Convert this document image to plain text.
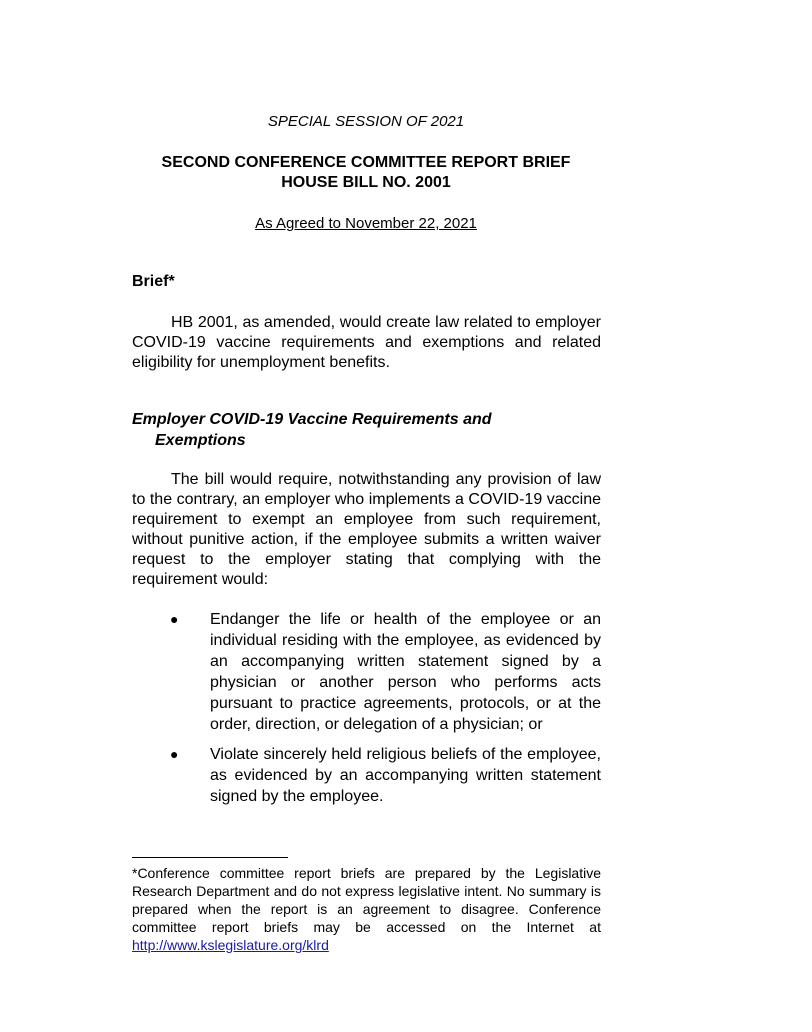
SPECIAL SESSION OF 2021
SECOND CONFERENCE COMMITTEE REPORT BRIEF
HOUSE BILL NO. 2001
As Agreed to November 22, 2021
Brief*
HB 2001, as amended, would create law related to employer COVID-19 vaccine requirements and exemptions and related eligibility for unemployment benefits.
Employer COVID-19 Vaccine Requirements and Exemptions
The bill would require, notwithstanding any provision of law to the contrary, an employer who implements a COVID-19 vaccine requirement to exempt an employee from such requirement, without punitive action, if the employee submits a written waiver request to the employer stating that complying with the requirement would:
● Endanger the life or health of the employee or an individual residing with the employee, as evidenced by an accompanying written statement signed by a physician or another person who performs acts pursuant to practice agreements, protocols, or at the order, direction, or delegation of a physician; or
● Violate sincerely held religious beliefs of the employee, as evidenced by an accompanying written statement signed by the employee.
*Conference committee report briefs are prepared by the Legislative Research Department and do not express legislative intent. No summary is prepared when the report is an agreement to disagree. Conference committee report briefs may be accessed on the Internet at http://www.kslegislature.org/klrd
